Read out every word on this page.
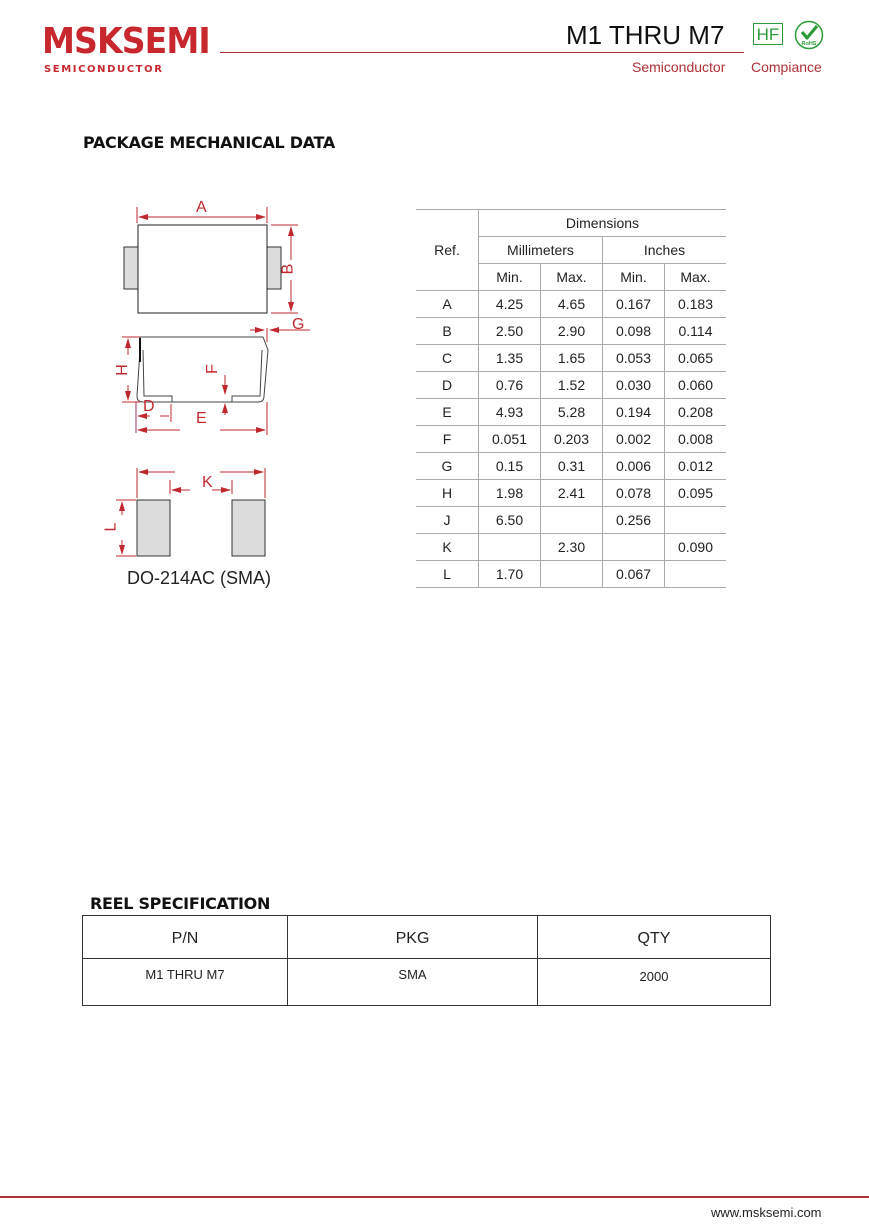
MSKSEMI
SEMICONDUCTOR
M1 THRU M7 HF	RoHS
Semiconductor Compiance
PACKAGE MECHANICAL DATA
A
B
G
H	F
D
E
K
L
DO-214AC (SMA)
Ref.	Dimensions			
	Millimeters		Inches	
	Min.	Max.	Min.	Max.
A	4.25	4.65	0.167	0.183
B	2.50	2.90	0.098	0.114
C	1.35	1.65	0.053	0.065
D	0.76	1.52	0.030	0.060
E	4.93	5.28	0.194	0.208
F	0.051	0.203	0.002	0.008
G	0.15	0.31	0.006	0.012
H	1.98	2.41	0.078	0.095
J	6.50		0.256	
K		2.30		0.090
L	1.70		0.067	
REEL SPECIFICATION
P/N	PKG	QTY
M1 THRU M7	SMA	2000
www.msksemi.com
